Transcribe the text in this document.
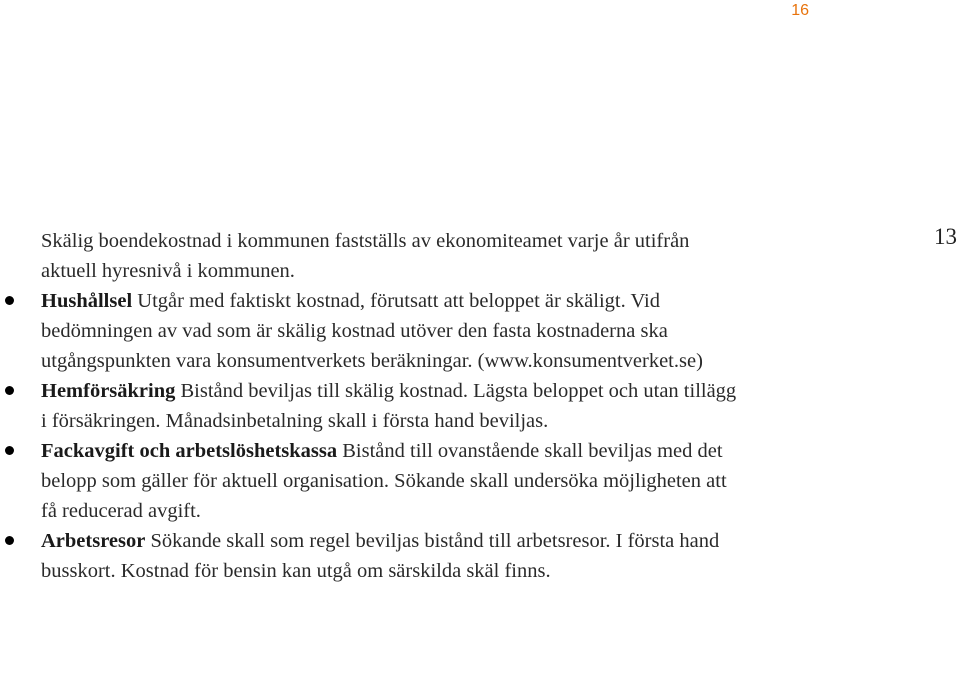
16
13

Skälig boendekostnad i kommunen fastställs av ekonomiteamet varje år utifrån aktuell hyresnivå i kommunen.

Hushållsel Utgår med faktiskt kostnad, förutsatt att beloppet är skäligt. Vid bedömningen av vad som är skälig kostnad utöver den fasta kostnaderna ska utgångspunkten vara konsumentverkets beräkningar. (www.konsumentverket.se)

Hemförsäkring Bistånd beviljas till skälig kostnad. Lägsta beloppet och utan tillägg i försäkringen. Månadsinbetalning skall i första hand beviljas.

Fackavgift och arbetslöshetskassa Bistånd till ovanstående skall beviljas med det belopp som gäller för aktuell organisation. Sökande skall undersöka möjligheten att få reducerad avgift.

Arbetsresor Sökande skall som regel beviljas bistånd till arbetsresor. I första hand busskort. Kostnad för bensin kan utgå om särskilda skäl finns.
